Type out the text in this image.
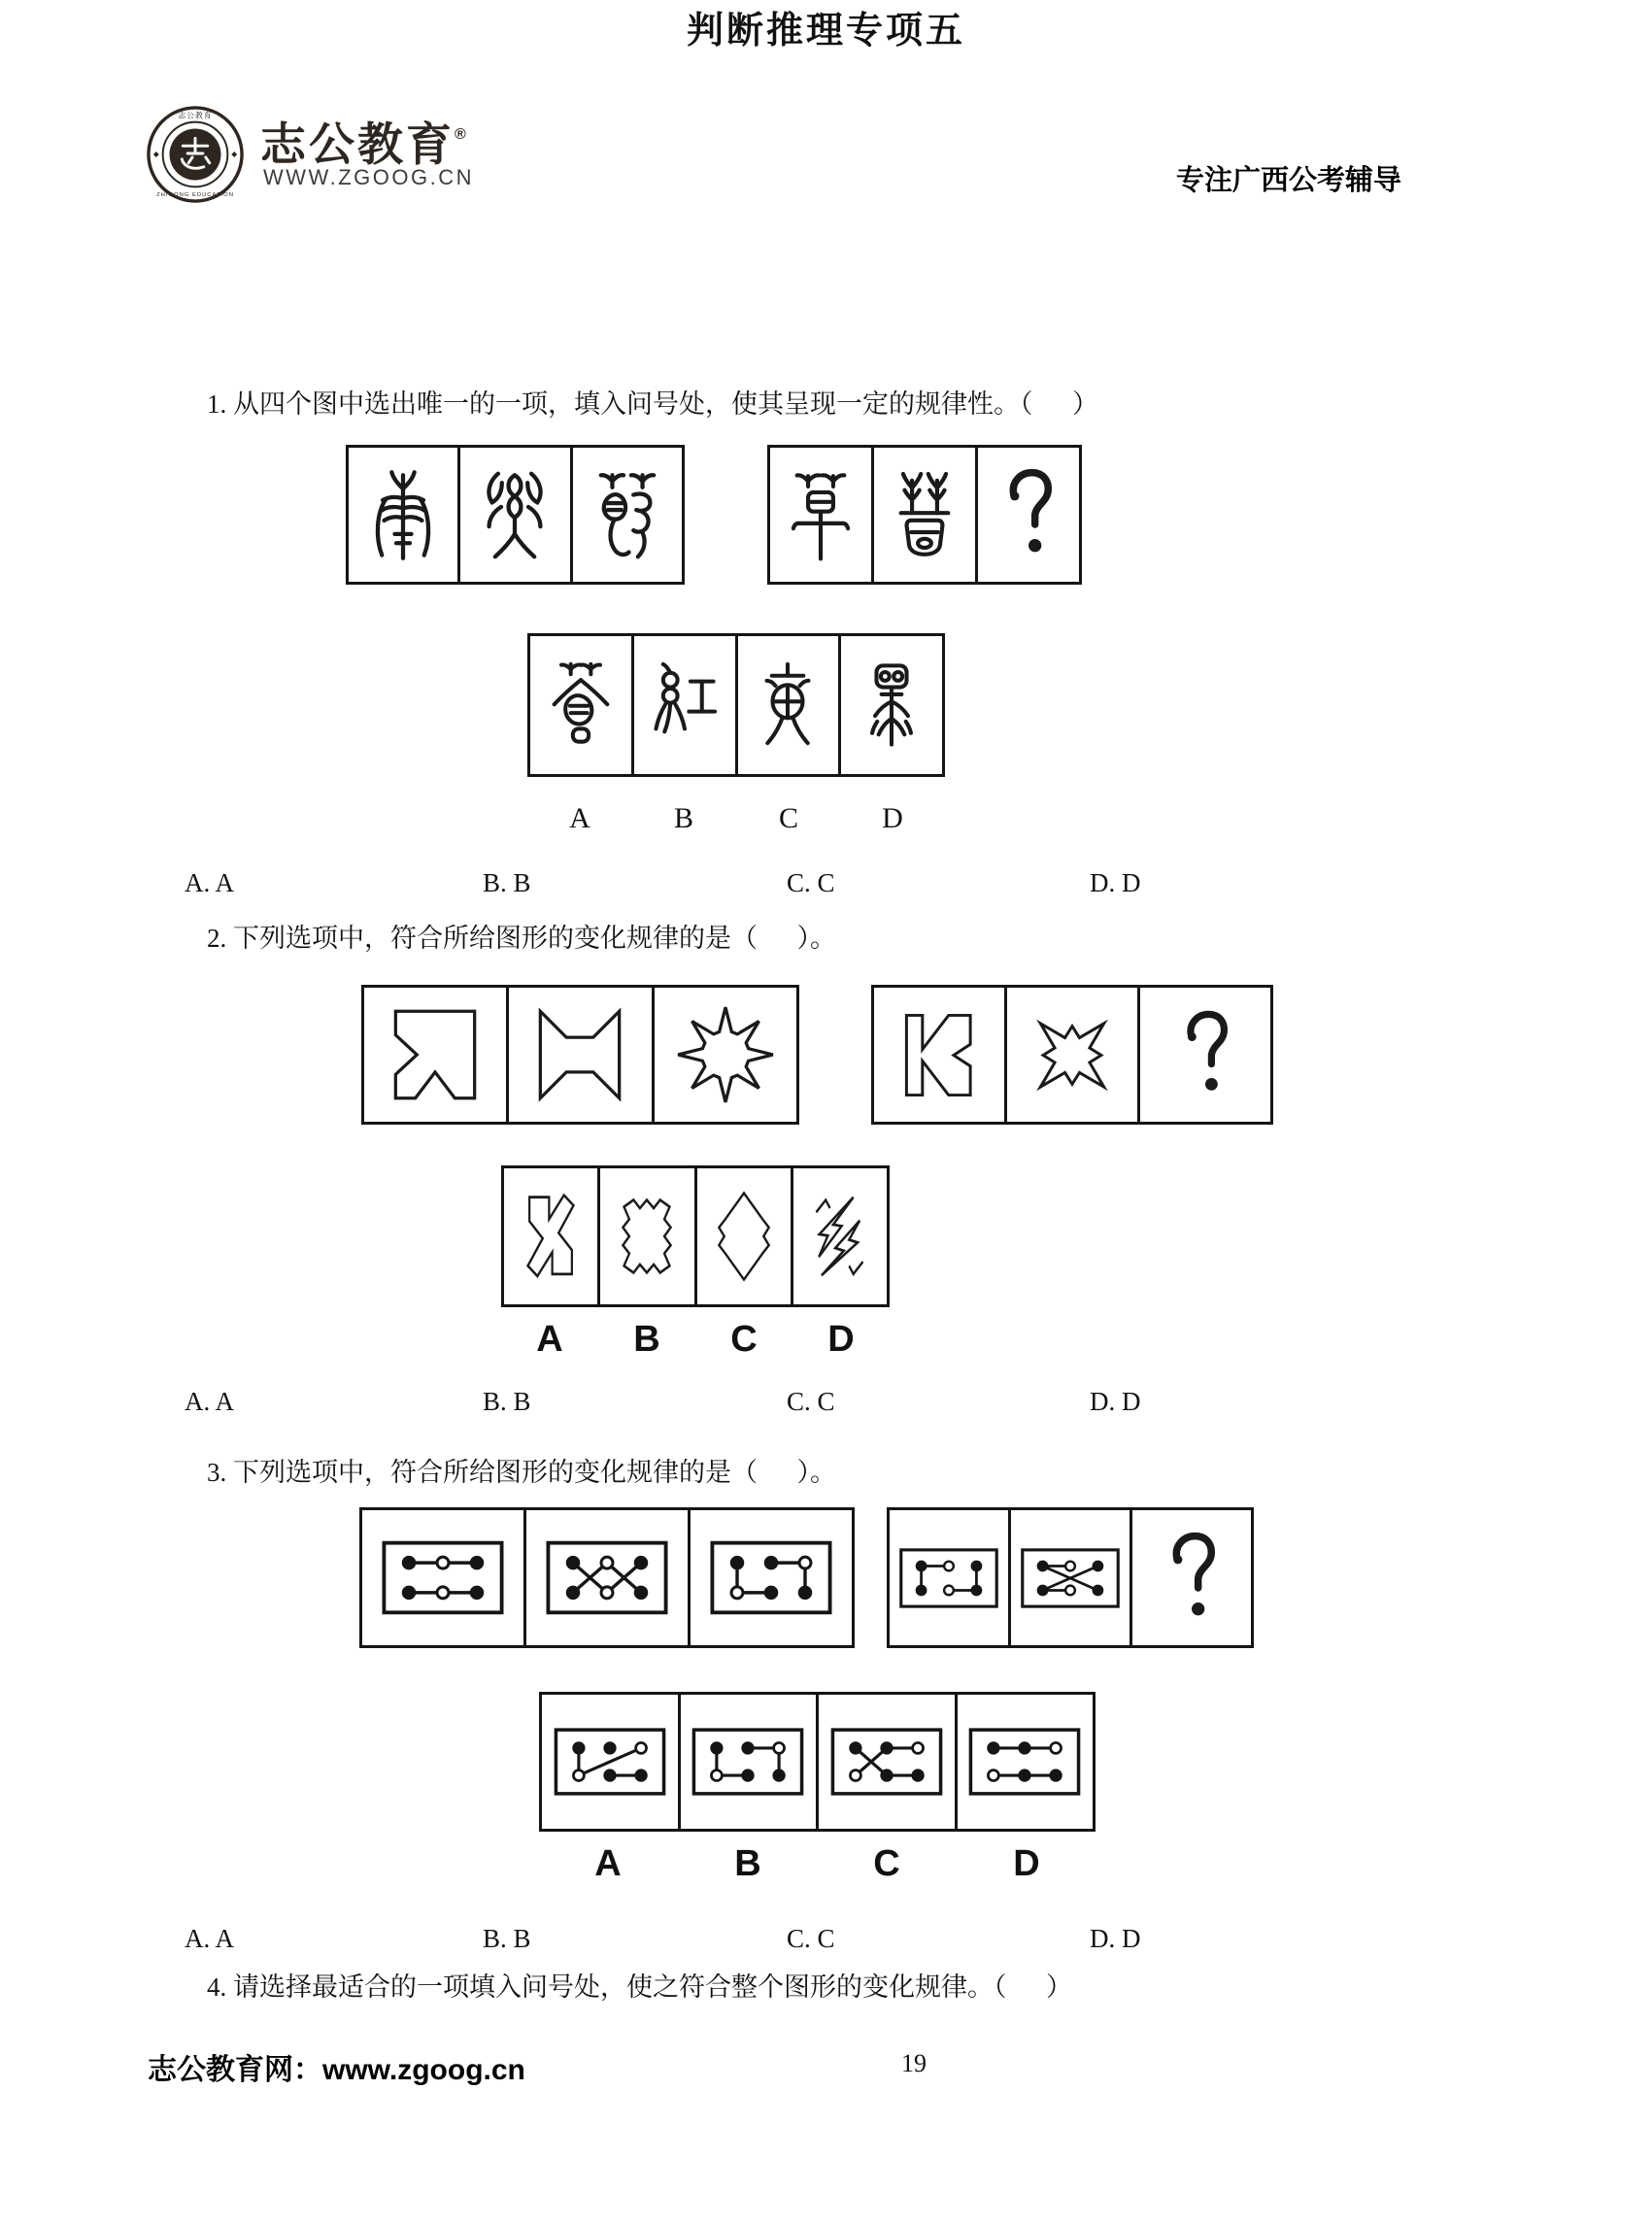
志公教育
ZHIGONG EDUCATION
志公教育®
WWW.ZGOOG.CN	专注广西公考辅导
判断推理专项五
1. 从四个图中选出唯一的一项，填入问号处，使其呈现一定的规律性。（      ）
A	B	C	D
A. A	B. B	C. C	D. D
2. 下列选项中，符合所给图形的变化规律的是（      ）。
A B C D
A. A	B. B	C. C	D. D
3. 下列选项中，符合所给图形的变化规律的是（      ）。
A	B	C	D
A. A	B. B	C. C	D. D
4. 请选择最适合的一项填入问号处，使之符合整个图形的变化规律。（      ）
志公教育网：www.zgoog.cn	19
